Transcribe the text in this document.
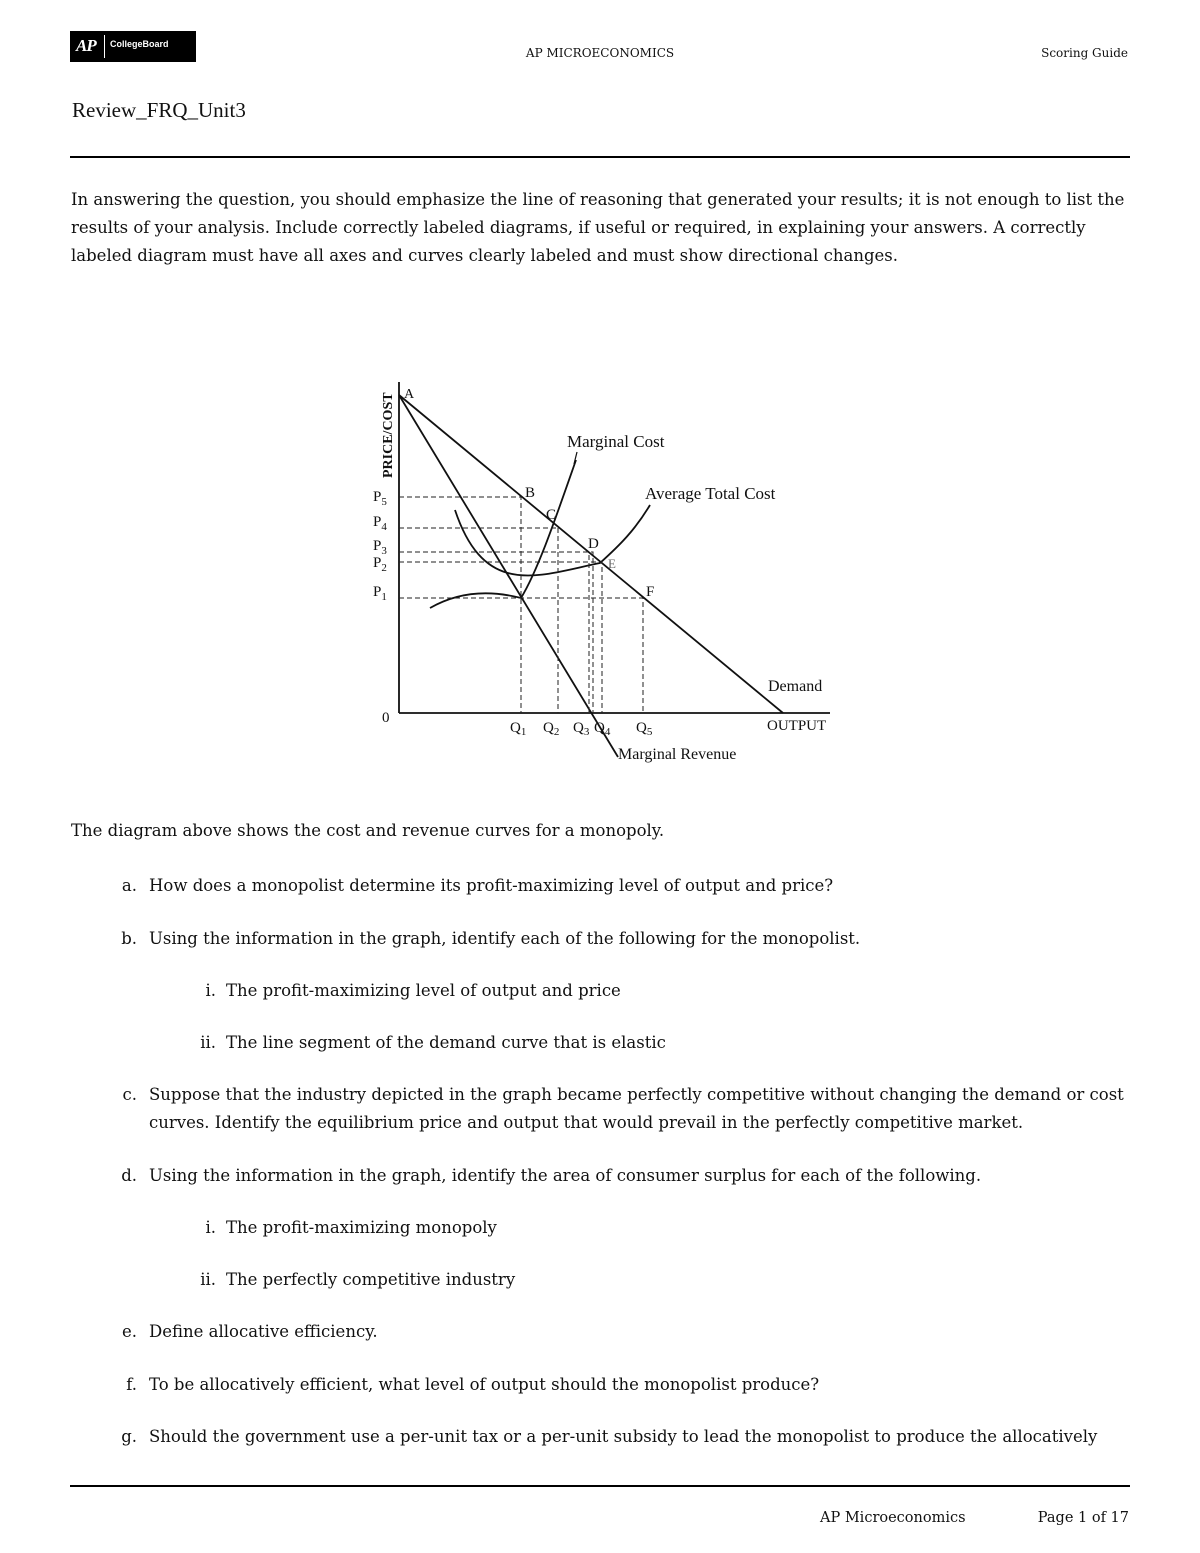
AP CollegeBoard
AP MICROECONOMICS	Scoring Guide
Review_FRQ_Unit3
In answering the question, you should emphasize the line of reasoning that generated your results; it is not enough to list the results of your analysis. Include correctly labeled diagrams, if useful or required, in explaining your answers. A correctly labeled diagram must have all axes and curves clearly labeled and must show directional changes.
PRICE/COST
0	OUTPUT
Marginal Cost
Average Total Cost
Demand
Marginal Revenue
A
B
C
D
E
F
$P_5$
$P_4$
$P_3$
$P_2$
$P_1$
$Q_1$ $Q_2$ $Q_3$ $Q_4$ $Q_5$
The diagram above shows the cost and revenue curves for a monopoly.
a. How does a monopolist determine its profit-maximizing level of output and price?
b. Using the information in the graph, identify each of the following for the monopolist.
i. The profit-maximizing level of output and price
ii. The line segment of the demand curve that is elastic
c. Suppose that the industry depicted in the graph became perfectly competitive without changing the demand or cost curves. Identify the equilibrium price and output that would prevail in the perfectly competitive market.
d. Using the information in the graph, identify the area of consumer surplus for each of the following.
i. The profit-maximizing monopoly
ii. The perfectly competitive industry
e. Define allocative efficiency.
f. To be allocatively efficient, what level of output should the monopolist produce?
g. Should the government use a per-unit tax or a per-unit subsidy to lead the monopolist to produce the allocatively
AP Microeconomics	Page 1 of 17
